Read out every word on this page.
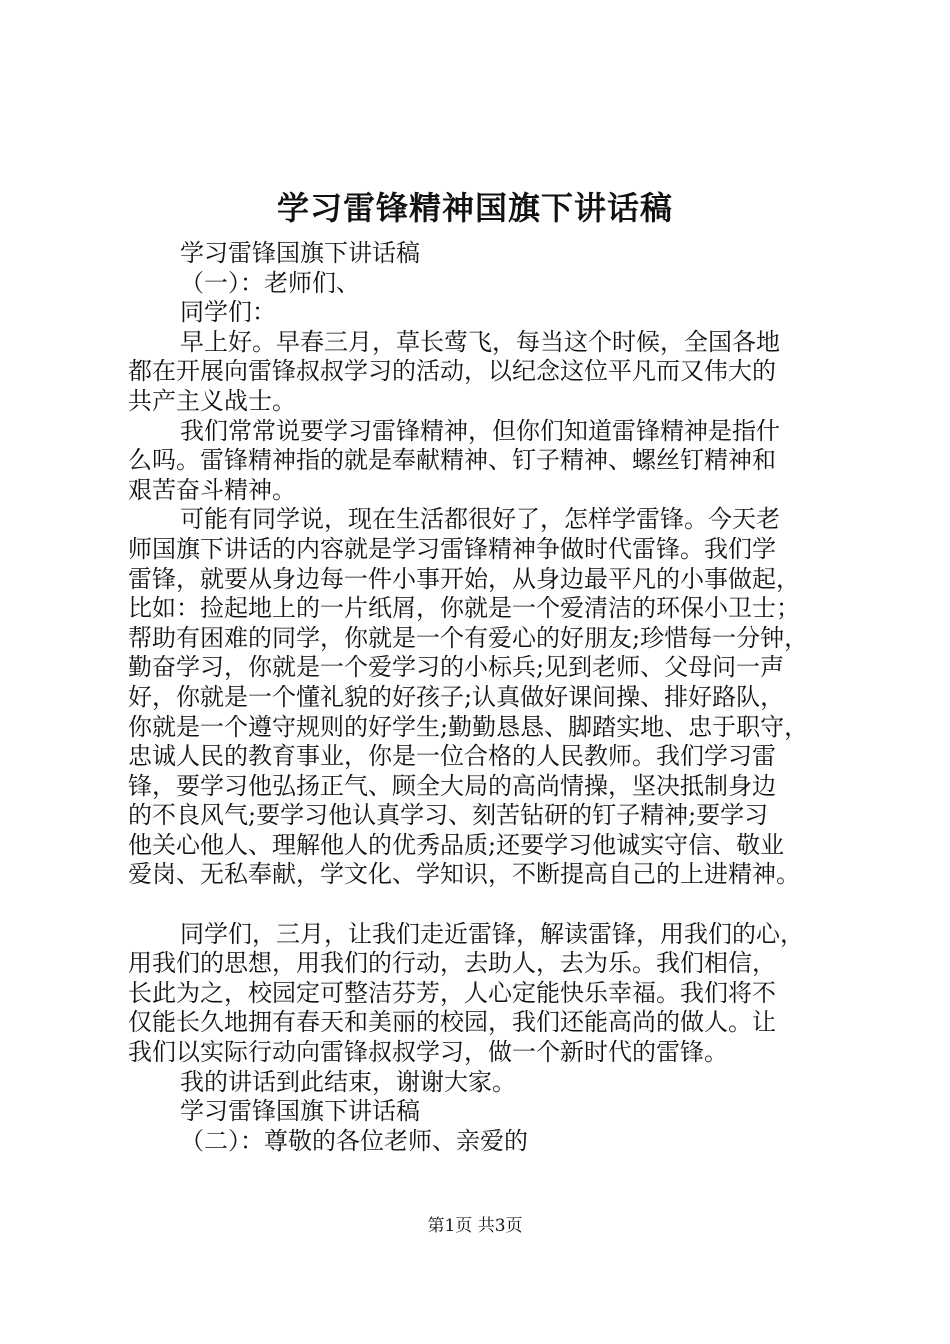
学习雷锋精神国旗下讲话稿
学习雷锋国旗下讲话稿
（一）：老师们、
同学们：
早上好。早春三月，草长莺飞，每当这个时候，全国各地
都在开展向雷锋叔叔学习的活动，以纪念这位平凡而又伟大的
共产主义战士。
我们常常说要学习雷锋精神，但你们知道雷锋精神是指什
么吗。雷锋精神指的就是奉献精神、钉子精神、螺丝钉精神和
艰苦奋斗精神。
可能有同学说，现在生活都很好了，怎样学雷锋。今天老
师国旗下讲话的内容就是学习雷锋精神争做时代雷锋。我们学
雷锋，就要从身边每一件小事开始，从身边最平凡的小事做起，
比如：捡起地上的一片纸屑，你就是一个爱清洁的环保小卫士；
帮助有困难的同学，你就是一个有爱心的好朋友;珍惜每一分钟，
勤奋学习，你就是一个爱学习的小标兵;见到老师、父母问一声
好，你就是一个懂礼貌的好孩子;认真做好课间操、排好路队，
你就是一个遵守规则的好学生;勤勤恳恳、脚踏实地、忠于职守，
忠诚人民的教育事业，你是一位合格的人民教师。我们学习雷
锋，要学习他弘扬正气、顾全大局的高尚情操，坚决抵制身边
的不良风气;要学习他认真学习、刻苦钻研的钉子精神;要学习
他关心他人、理解他人的优秀品质;还要学习他诚实守信、敬业
爱岗、无私奉献，学文化、学知识，不断提高自己的上进精神。
同学们，三月，让我们走近雷锋，解读雷锋，用我们的心，
用我们的思想，用我们的行动，去助人，去为乐。我们相信，
长此为之，校园定可整洁芬芳，人心定能快乐幸福。我们将不
仅能长久地拥有春天和美丽的校园，我们还能高尚的做人。让
我们以实际行动向雷锋叔叔学习，做一个新时代的雷锋。
我的讲话到此结束，谢谢大家。
学习雷锋国旗下讲话稿
（二）：尊敬的各位老师、亲爱的
第1页 共3页
